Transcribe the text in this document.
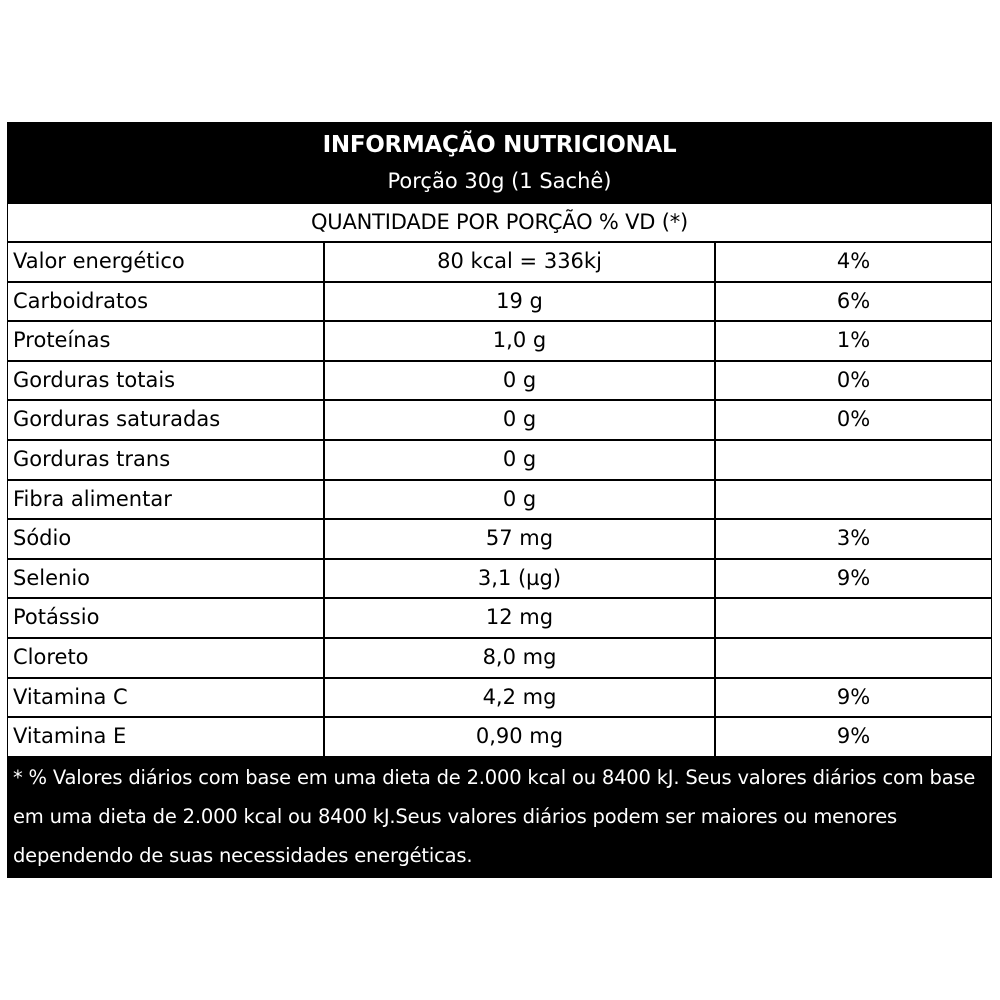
INFORMAÇÃO NUTRICIONAL
Porção 30g (1 Sachê)
QUANTIDADE POR PORÇÃO % VD (*)
Valor energético	80 kcal = 336kj	4%
Carboidratos	19 g	6%
Proteínas	1,0 g	1%
Gorduras totais	0 g	0%
Gorduras saturadas	0 g	0%
Gorduras trans	0 g
Fibra alimentar	0 g
Sódio	57 mg	3%
Selenio	3,1 (µg)	9%
Potássio	12 mg
Cloreto	8,0 mg
Vitamina C	4,2 mg	9%
Vitamina E	0,90 mg	9%
* % Valores diários com base em uma dieta de 2.000 kcal ou 8400 kJ. Seus valores diários com base em uma dieta de 2.000 kcal ou 8400 kJ.Seus valores diários podem ser maiores ou menores dependendo de suas necessidades energéticas.
